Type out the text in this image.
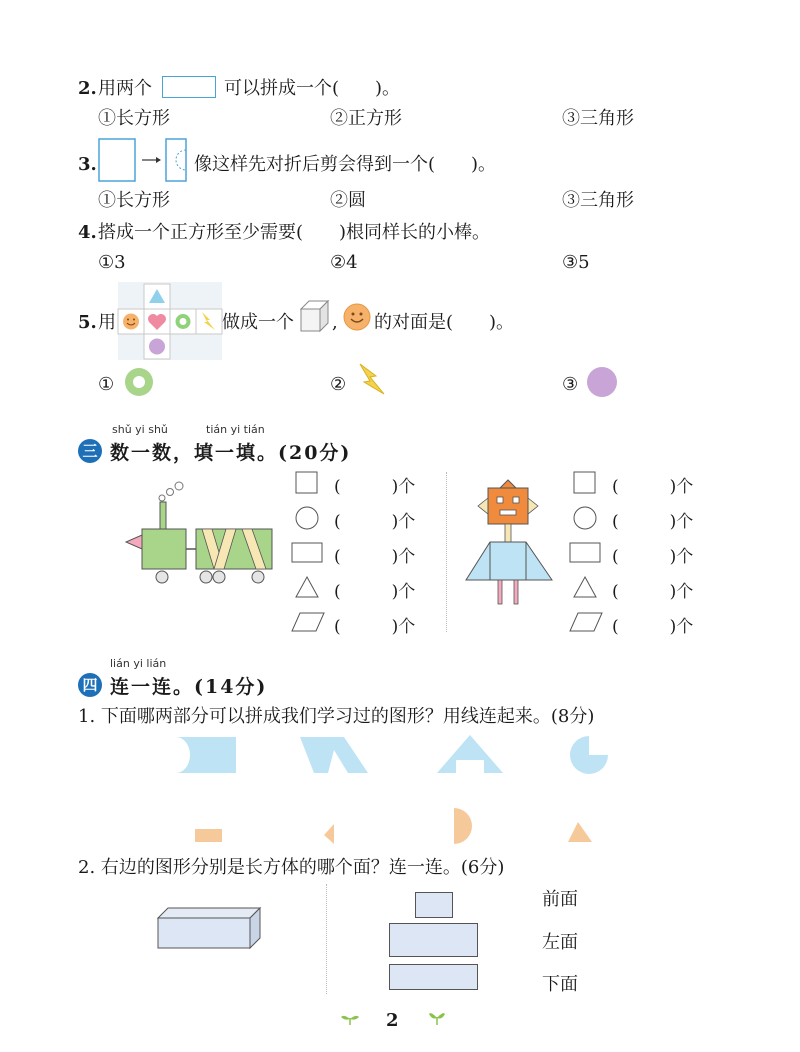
2. 用两个	可以拼成一个(　　)。
①长方形	②正方形	③三角形
3.	像这样先对折后剪会得到一个(　　)。
①长方形	②圆	③三角形
4. 搭成一个正方形至少需要(　　)根同样长的小棒。
①3	②4	③5
5. 用	做成一个 , 的对面是(　　)。
①	②	③
shǔ yi shǔ	tián yi tián
三 数一数，填一填。(20分)
(　　　)个
(　　　)个
(　　　)个
(　　　)个
(　　　)个
(　　　)个
(　　　)个
(　　　)个
(　　　)个
(　　　)个
lián yi lián
四 连一连。(14分)
1. 下面哪两部分可以拼成我们学习过的图形？用线连起来。(8分)
2. 右边的图形分别是长方体的哪个面？连一连。(6分)
前面
左面
下面
2
